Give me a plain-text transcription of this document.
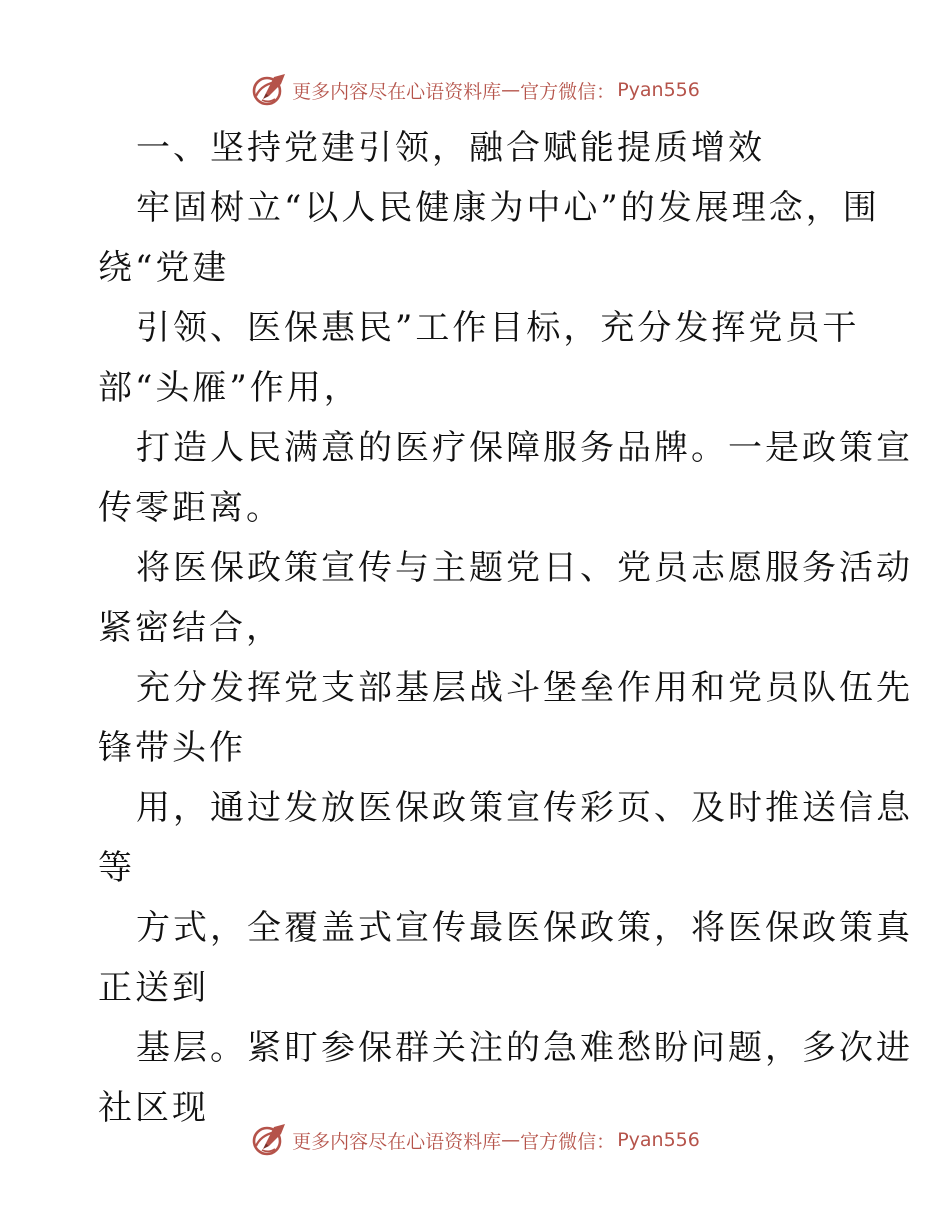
更多内容尽在心语资料库 — 官方微信： Pyan556
一、坚持党建引领，融合赋能提质增效
牢固树立“以人民健康为中心”的发展理念，围
绕“党建
引领、医保惠民”工作目标，充分发挥党员干
部“头雁”作用，
打造人民满意的医疗保障服务品牌。一是政策宣
传零距离。
将医保政策宣传与主题党日、党员志愿服务活动
紧密结合，
充分发挥党支部基层战斗堡垒作用和党员队伍先
锋带头作
用，通过发放医保政策宣传彩页、及时推送信息
等
方式，全覆盖式宣传最医保政策，将医保政策真
正送到
基层。紧盯参保群关注的急难愁盼问题，多次进
社区现
更多内容尽在心语资料库 — 官方微信： Pyan556
